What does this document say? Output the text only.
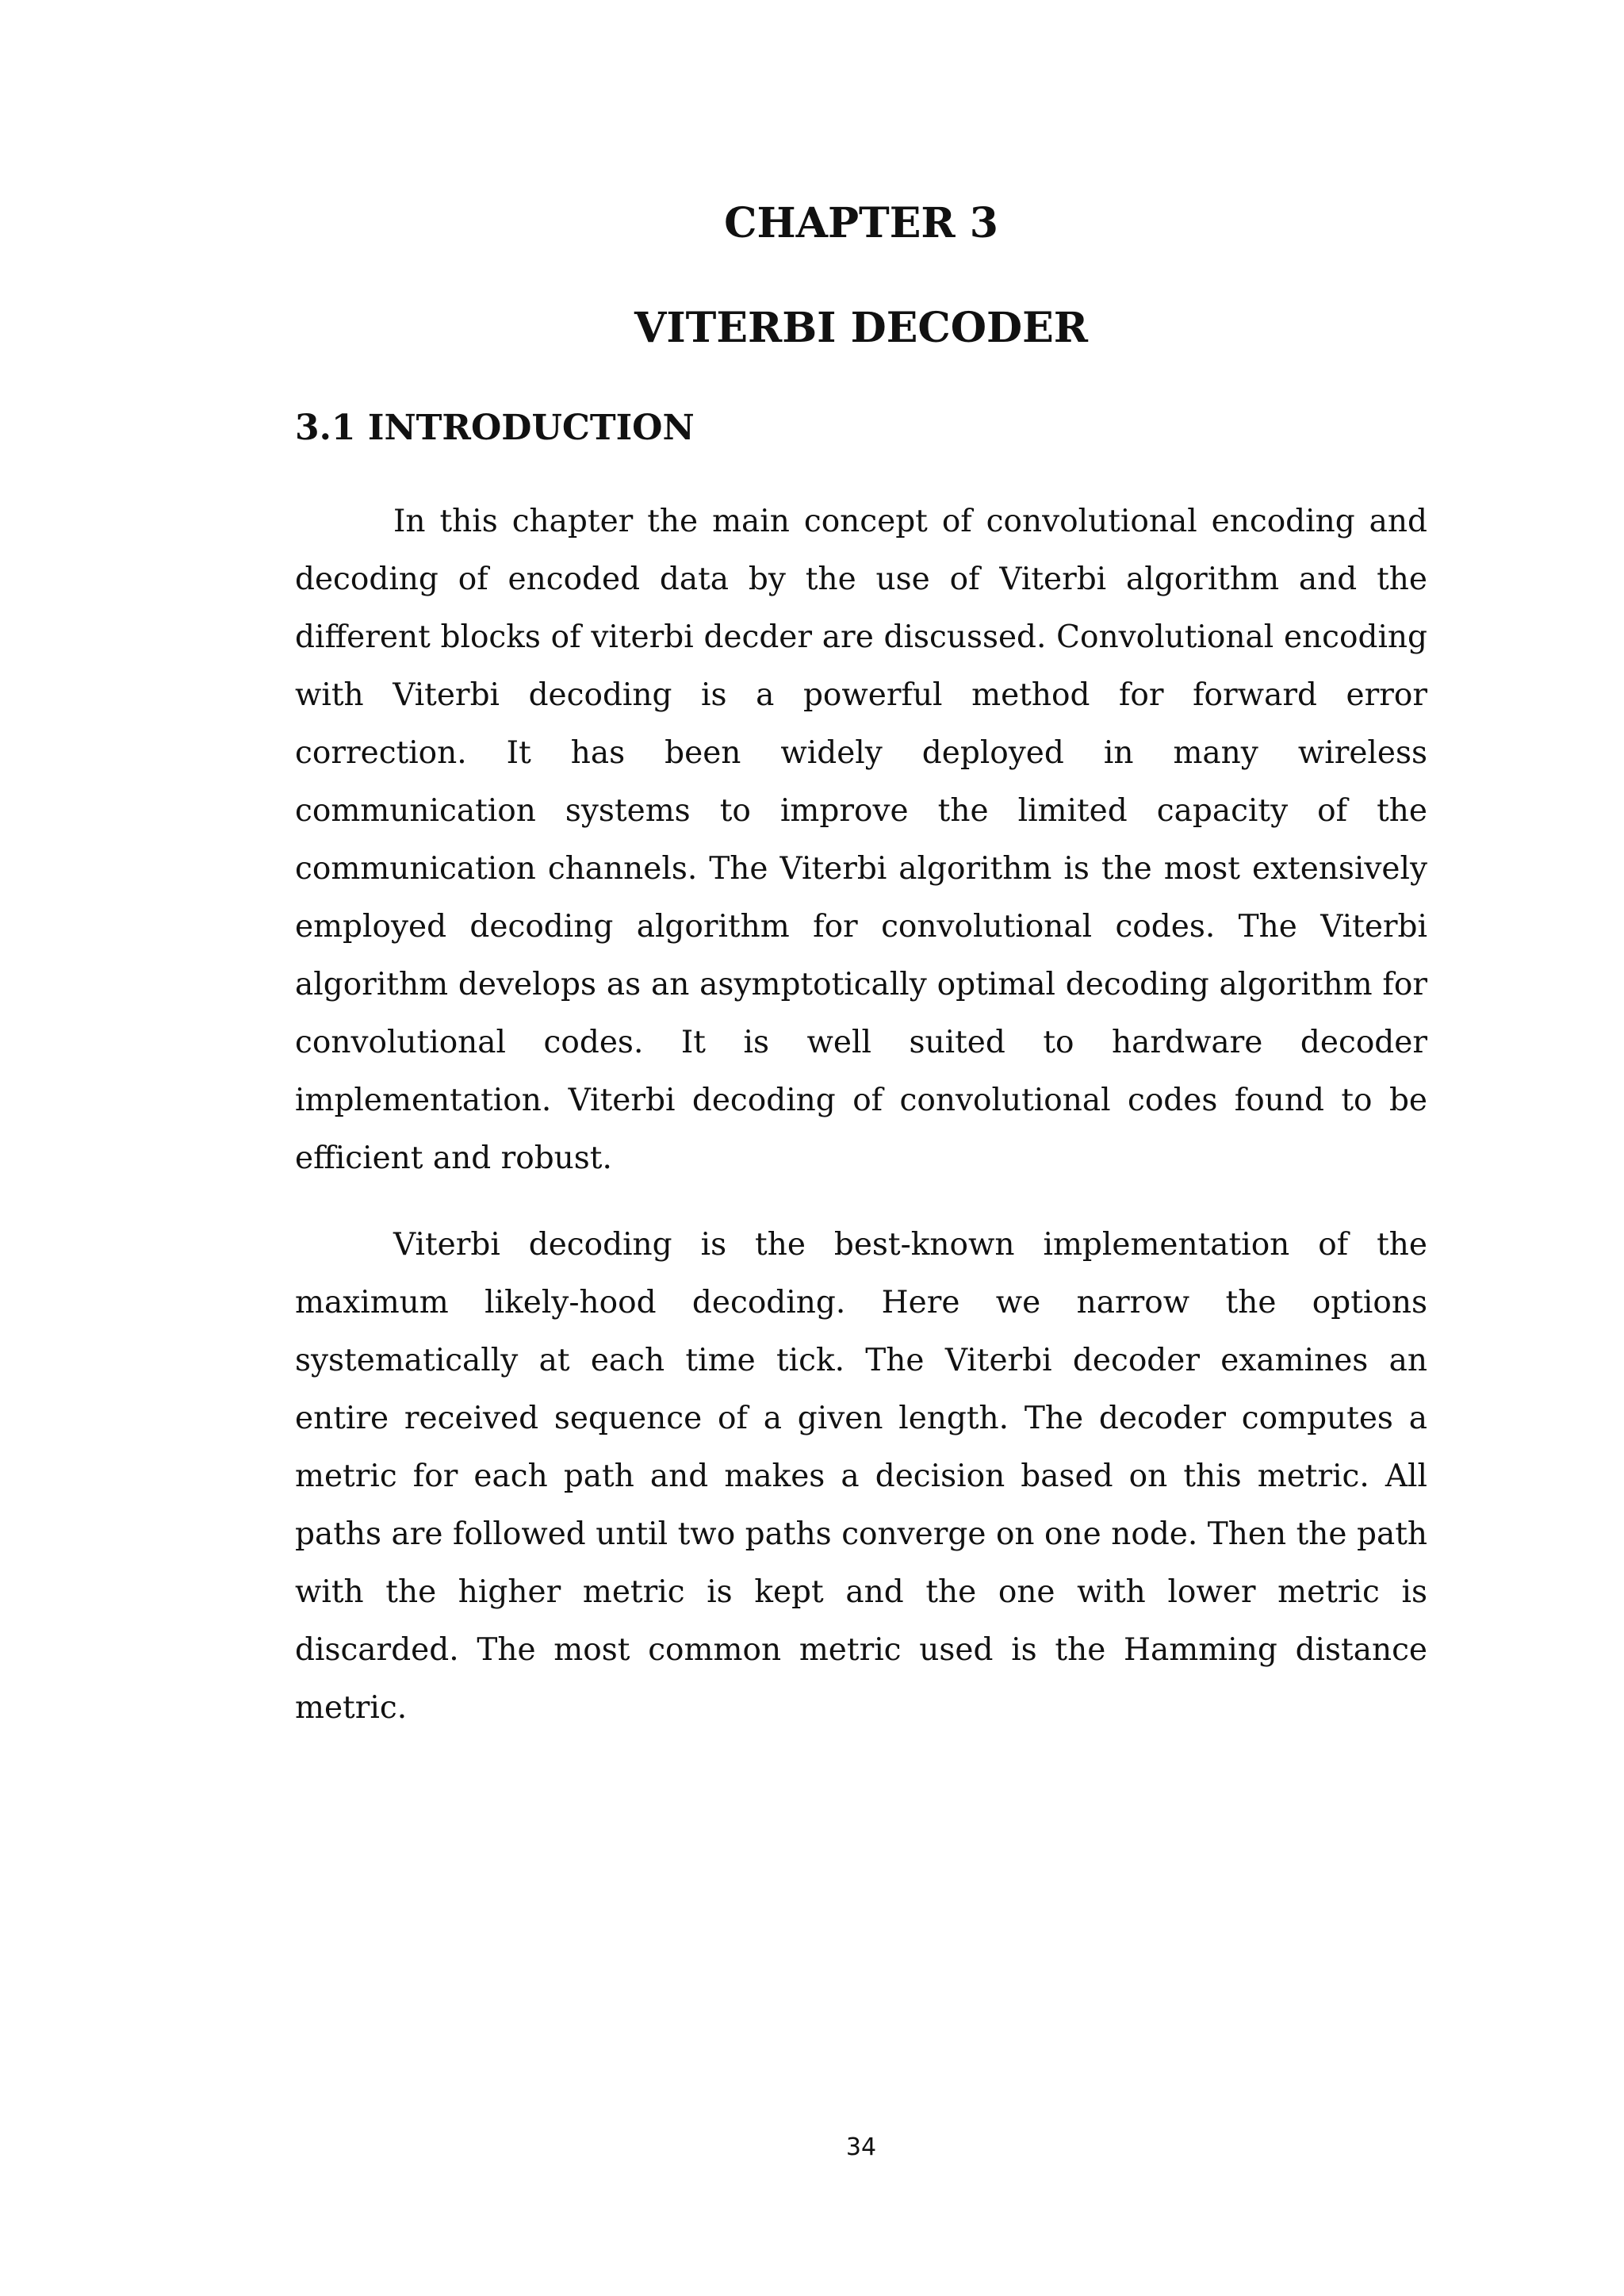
CHAPTER 3
VITERBI DECODER
3.1 INTRODUCTION

In this chapter the main concept of convolutional encoding and decoding of encoded data by the use of Viterbi algorithm and the different blocks of viterbi decder are discussed. Convolutional encoding with Viterbi decoding is a powerful method for forward error correction. It has been widely deployed in many wireless communication systems to improve the limited capacity of the communication channels. The Viterbi algorithm is the most extensively employed decoding algorithm for convolutional codes. The Viterbi algorithm develops as an asymptotically optimal decoding algorithm for convolutional codes. It is well suited to hardware decoder implementation. Viterbi decoding of convolutional codes found to be efficient and robust.

Viterbi decoding is the best-known implementation of the maximum likely-hood decoding. Here we narrow the options systematically at each time tick. The Viterbi decoder examines an entire received sequence of a given length. The decoder computes a metric for each path and makes a decision based on this metric. All paths are followed until two paths converge on one node. Then the path with the higher metric is kept and the one with lower metric is discarded. The most common metric used is the Hamming distance metric.

34
